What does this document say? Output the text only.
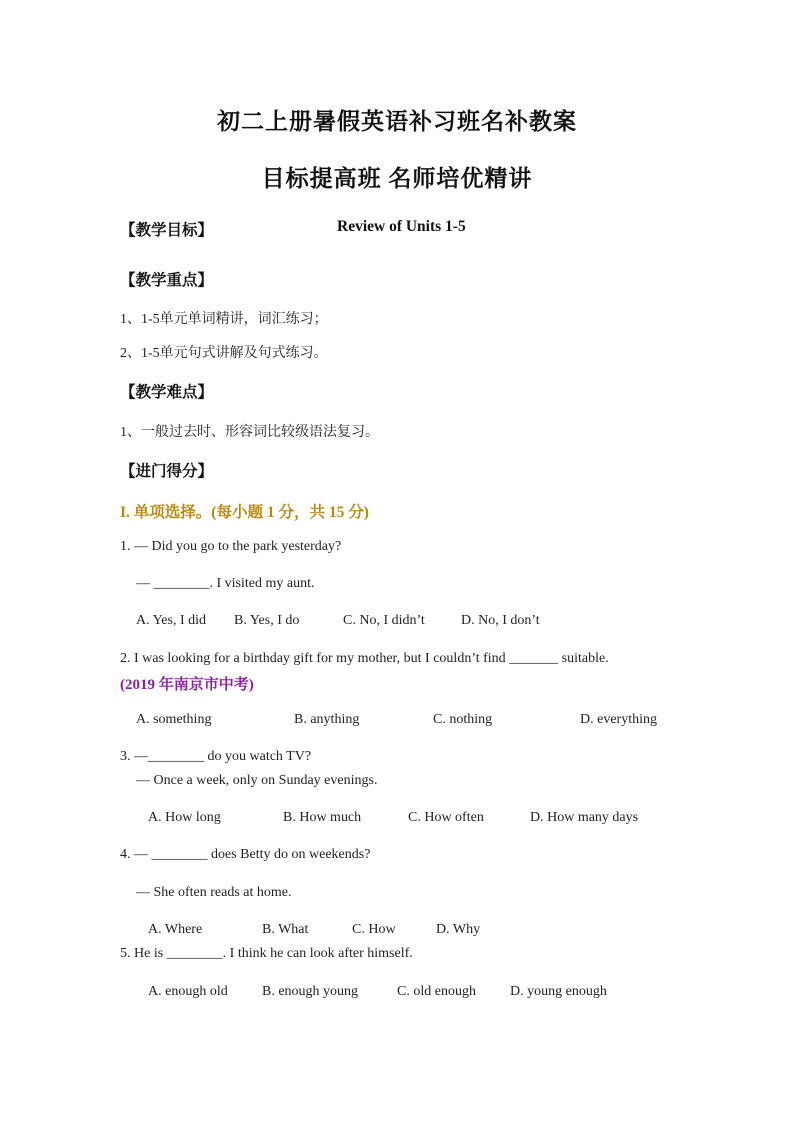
初二上册暑假英语补习班名补教案
目标提高班 名师培优精讲
【教学目标】	Review of Units 1-5
【教学重点】
1、1-5单元单词精讲，词汇练习；
2、1-5单元句式讲解及句式练习。
【教学难点】
1、一般过去时、形容词比较级语法复习。
【进门得分】
I. 单项选择。(每小题 1 分，共 15 分)
1. — Did you go to the park yesterday?
— ________. I visited my aunt.
A. Yes, I did B. Yes, I do	C. No, I didn’t	D. No, I don’t
2. I was looking for a birthday gift for my mother, but I couldn’t find _______ suitable.
(2019 年南京市中考)
A. something	B. anything	C. nothing	D. everything
3. —________ do you watch TV?
— Once a week, only on Sunday evenings.
A. How long	B. How much	C. How often	D. How many days
4. — ________ does Betty do on weekends?
— She often reads at home.
A. Where	B. What	C. How	D. Why
5. He is ________. I think he can look after himself.
A. enough old B. enough young	C. old enough D. young enough
